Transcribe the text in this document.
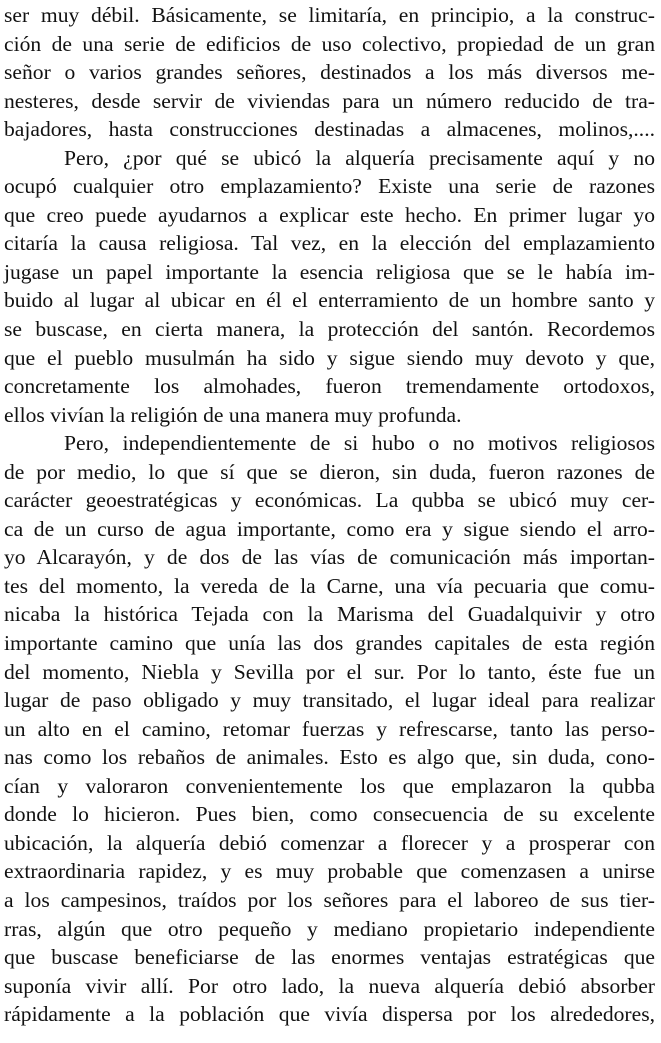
ser muy débil. Básicamente, se limitaría, en principio, a la construc-
ción de una serie de edificios de uso colectivo, propiedad de un gran
señor o varios grandes señores, destinados a los más diversos me-
nesteres, desde servir de viviendas para un número reducido de tra-
bajadores, hasta construcciones destinadas a almacenes, molinos,....
Pero, ¿por qué se ubicó la alquería precisamente aquí y no
ocupó cualquier otro emplazamiento? Existe una serie de razones
que creo puede ayudarnos a explicar este hecho. En primer lugar yo
citaría la causa religiosa. Tal vez, en la elección del emplazamiento
jugase un papel importante la esencia religiosa que se le había im-
buido al lugar al ubicar en él el enterramiento de un hombre santo y
se buscase, en cierta manera, la protección del santón. Recordemos
que el pueblo musulmán ha sido y sigue siendo muy devoto y que,
concretamente los almohades, fueron tremendamente ortodoxos,
ellos vivían la religión de una manera muy profunda.
Pero, independientemente de si hubo o no motivos religiosos
de por medio, lo que sí que se dieron, sin duda, fueron razones de
carácter geoestratégicas y económicas. La qubba se ubicó muy cer-
ca de un curso de agua importante, como era y sigue siendo el arro-
yo Alcarayón, y de dos de las vías de comunicación más importan-
tes del momento, la vereda de la Carne, una vía pecuaria que comu-
nicaba la histórica Tejada con la Marisma del Guadalquivir y otro
importante camino que unía las dos grandes capitales de esta región
del momento, Niebla y Sevilla por el sur. Por lo tanto, éste fue un
lugar de paso obligado y muy transitado, el lugar ideal para realizar
un alto en el camino, retomar fuerzas y refrescarse, tanto las perso-
nas como los rebaños de animales. Esto es algo que, sin duda, cono-
cían y valoraron convenientemente los que emplazaron la qubba
donde lo hicieron. Pues bien, como consecuencia de su excelente
ubicación, la alquería debió comenzar a florecer y a prosperar con
extraordinaria rapidez, y es muy probable que comenzasen a unirse
a los campesinos, traídos por los señores para el laboreo de sus tier-
rras, algún que otro pequeño y mediano propietario independiente
que buscase beneficiarse de las enormes ventajas estratégicas que
suponía vivir allí. Por otro lado, la nueva alquería debió absorber
rápidamente a la población que vivía dispersa por los alrededores,
